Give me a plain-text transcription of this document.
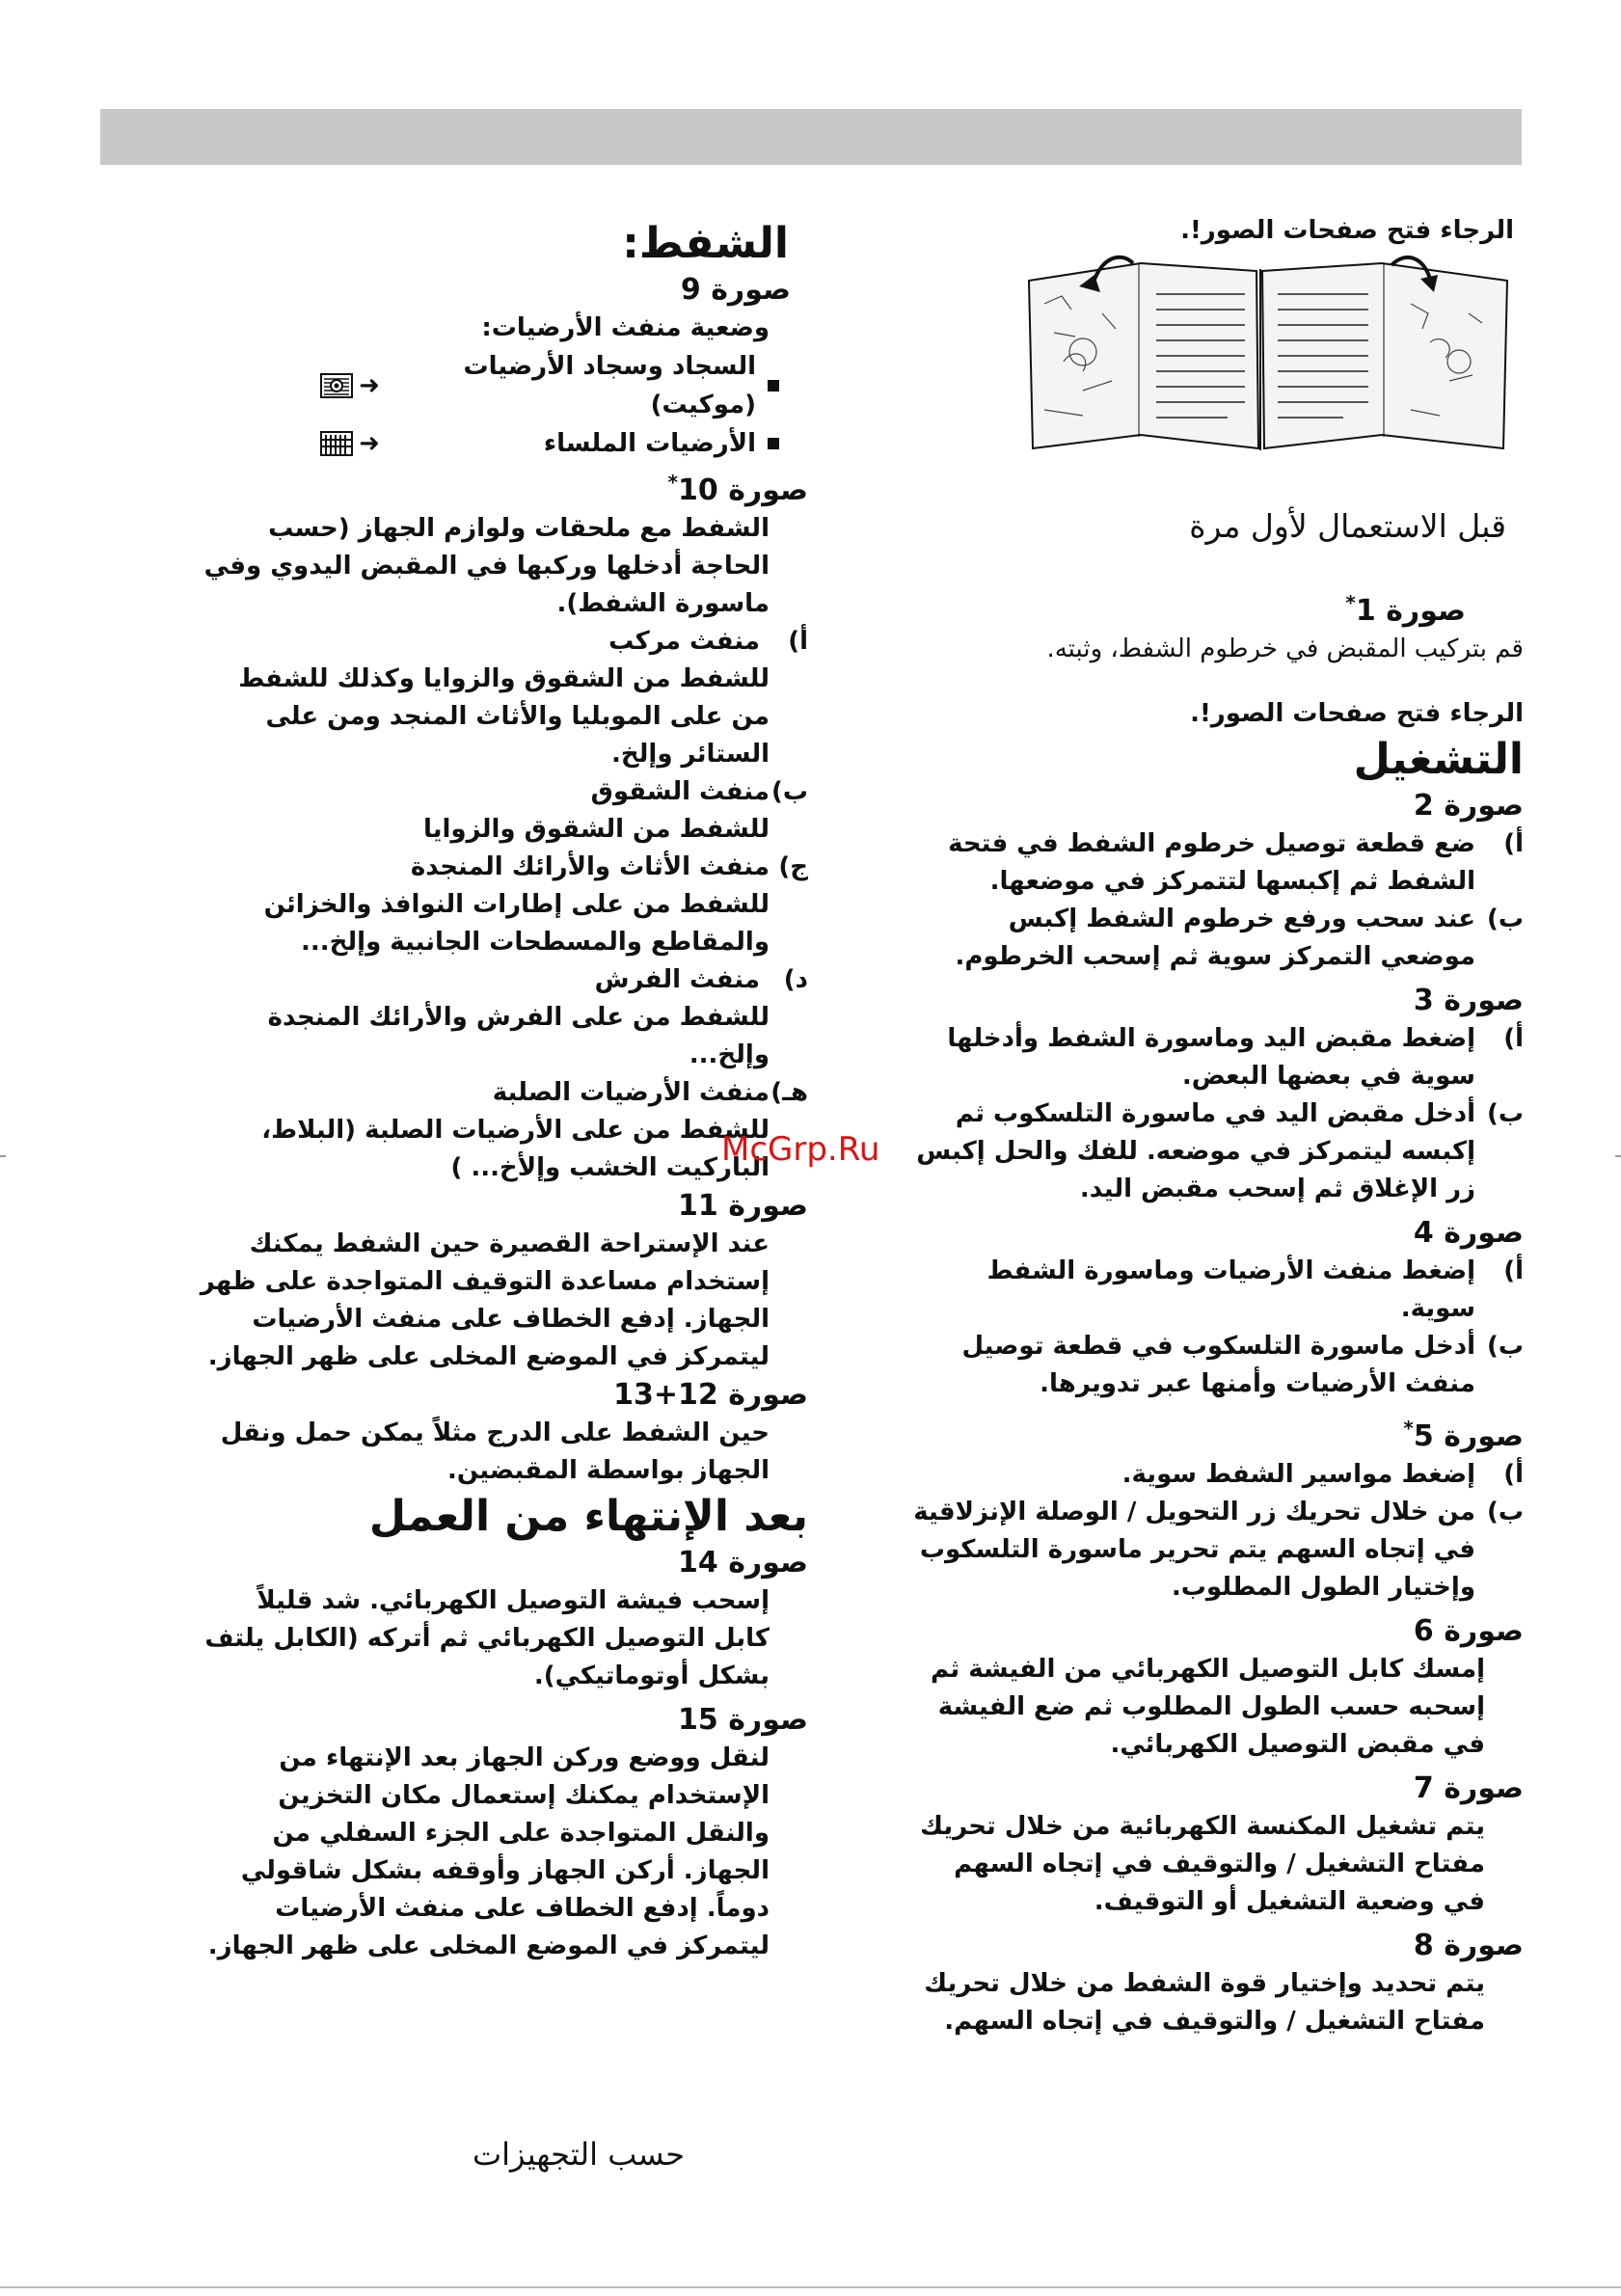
الرجاء فتح صفحات الصور!.
قبل الاستعمال لأول مرة

صورة 1*

قم بتركيب المقبض في خرطوم الشفط، وثبته.

الرجاء فتح صفحات الصور!.

التشغيل

صورة 2

أ)
ضع قطعة توصيل خرطوم الشفط في فتحة الشفط ثم إكبسها لتتمركز في موضعها.
ب)
عند سحب ورفع خرطوم الشفط إكبس موضعي التمركز سوية ثم إسحب الخرطوم.

صورة 3

أ)
إضغط مقبض اليد وماسورة الشفط وأدخلها سوية في بعضها البعض.
ب)
أدخل مقبض اليد في ماسورة التلسكوب ثم إكبسه ليتمركز في موضعه. للفك والحل إكبس زر الإغلاق ثم إسحب مقبض اليد.

صورة 4

أ)
إضغط منفث الأرضيات وماسورة الشفط سوية.
ب)
أدخل ماسورة التلسكوب في قطعة توصيل منفث الأرضيات وأمنها عبر تدويرها.

صورة 5*

أ)
إضغط مواسير الشفط سوية.
ب)
من خلال تحريك زر التحويل / الوصلة الإنزلاقية في إتجاه السهم يتم تحرير ماسورة التلسكوب وإختيار الطول المطلوب.

صورة 6

إمسك كابل التوصيل الكهربائي من الفيشة ثم إسحبه حسب الطول المطلوب ثم ضع الفيشة في مقبض التوصيل الكهربائي.

صورة 7

يتم تشغيل المكنسة الكهربائية من خلال تحريك مفتاح التشغيل / والتوقيف في إتجاه السهم في وضعية التشغيل أو التوقيف.

صورة 8

يتم تحديد وإختيار قوة الشفط من خلال تحريك مفتاح التشغيل / والتوقيف في إتجاه السهم.

الشفط:

صورة 9

وضعية منفث الأرضيات:

السجاد وسجاد الأرضيات (موكيت)
➜
الأرضيات الملساء
➜

صورة 10*

الشفط مع ملحقات ولوازم الجهاز (حسب الحاجة أدخلها وركبها في المقبض اليدوي وفي ماسورة الشفط).

أ)
منفث مركب

للشفط من الشقوق والزوايا وكذلك للشفط من على الموبليا والأثاث المنجد ومن على الستائر وإلخ.

ب)
منفث الشقوق

للشفط من الشقوق والزوايا

ج)
منفث الأثاث والأرائك المنجدة

للشفط من على إطارات النوافذ والخزائن والمقاطع والمسطحات الجانبية وإلخ...

د)
منفث الفرش

للشفط من على الفرش والأرائك المنجدة وإلخ...

هـ)
منفث الأرضيات الصلبة

للشفط من على الأرضيات الصلبة (البلاط، الباركيت الخشب وإلأخ... )

صورة 11

عند الإستراحة القصيرة حين الشفط يمكنك إستخدام مساعدة التوقيف المتواجدة على ظهر الجهاز. إدفع الخطاف على منفث الأرضيات ليتمركز في الموضع المخلى على ظهر الجهاز.

صورة 12+13

حين الشفط على الدرج مثلاً يمكن حمل ونقل الجهاز بواسطة المقبضين.

بعد الإنتهاء من العمل

صورة 14

إسحب فيشة التوصيل الكهربائي. شد قليلاً كابل التوصيل الكهربائي ثم أتركه (الكابل يلتف بشكل أوتوماتيكي).

صورة 15

لنقل ووضع وركن الجهاز بعد الإنتهاء من الإستخدام يمكنك إستعمال مكان التخزين والنقل المتواجدة على الجزء السفلي من الجهاز. أركن الجهاز وأوقفه بشكل شاقولي دوماً. إدفع الخطاف على منفث الأرضيات ليتمركز في الموضع المخلى على ظهر الجهاز.

McGrp.Ru
حسب التجهيزات
